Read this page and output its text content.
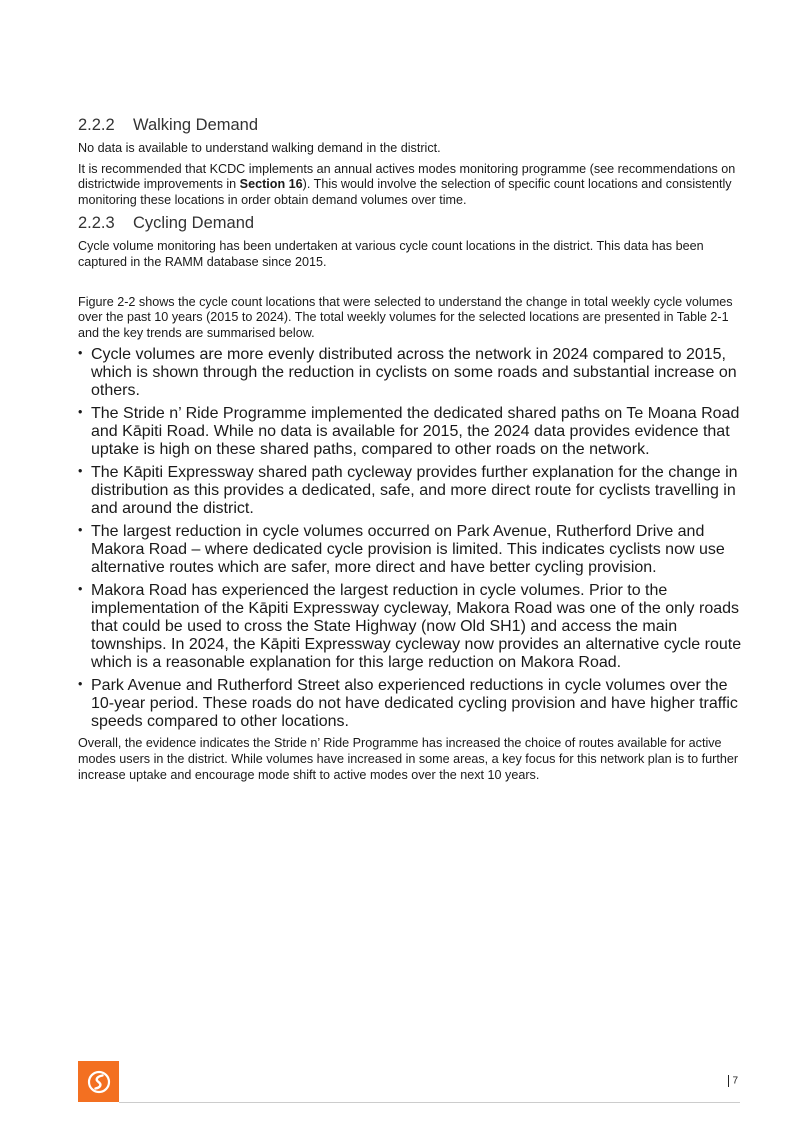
2.2.2 Walking Demand

No data is available to understand walking demand in the district.

It is recommended that KCDC implements an annual actives modes monitoring programme (see recommendations on districtwide improvements in Section 16). This would involve the selection of specific count locations and consistently monitoring these locations in order obtain demand volumes over time.

2.2.3 Cycling Demand

Cycle volume monitoring has been undertaken at various cycle count locations in the district. This data has been captured in the RAMM database since 2015.

Figure 2-2 shows the cycle count locations that were selected to understand the change in total weekly cycle volumes over the past 10 years (2015 to 2024). The total weekly volumes for the selected locations are presented in Table 2-1 and the key trends are summarised below.

• Cycle volumes are more evenly distributed across the network in 2024 compared to 2015, which is shown through the reduction in cyclists on some roads and substantial increase on others.
• The Stride n’ Ride Programme implemented the dedicated shared paths on Te Moana Road and Kāpiti Road. While no data is available for 2015, the 2024 data provides evidence that uptake is high on these shared paths, compared to other roads on the network.
• The Kāpiti Expressway shared path cycleway provides further explanation for the change in distribution as this provides a dedicated, safe, and more direct route for cyclists travelling in and around the district.
• The largest reduction in cycle volumes occurred on Park Avenue, Rutherford Drive and Makora Road – where dedicated cycle provision is limited. This indicates cyclists now use alternative routes which are safer, more direct and have better cycling provision.
• Makora Road has experienced the largest reduction in cycle volumes. Prior to the implementation of the Kāpiti Expressway cycleway, Makora Road was one of the only roads that could be used to cross the State Highway (now Old SH1) and access the main townships. In 2024, the Kāpiti Expressway cycleway now provides an alternative cycle route which is a reasonable explanation for this large reduction on Makora Road.
• Park Avenue and Rutherford Street also experienced reductions in cycle volumes over the 10-year period. These roads do not have dedicated cycling provision and have higher traffic speeds compared to other locations.

Overall, the evidence indicates the Stride n’ Ride Programme has increased the choice of routes available for active modes users in the district. While volumes have increased in some areas, a key focus for this network plan is to further increase uptake and encourage mode shift to active modes over the next 10 years.

7
